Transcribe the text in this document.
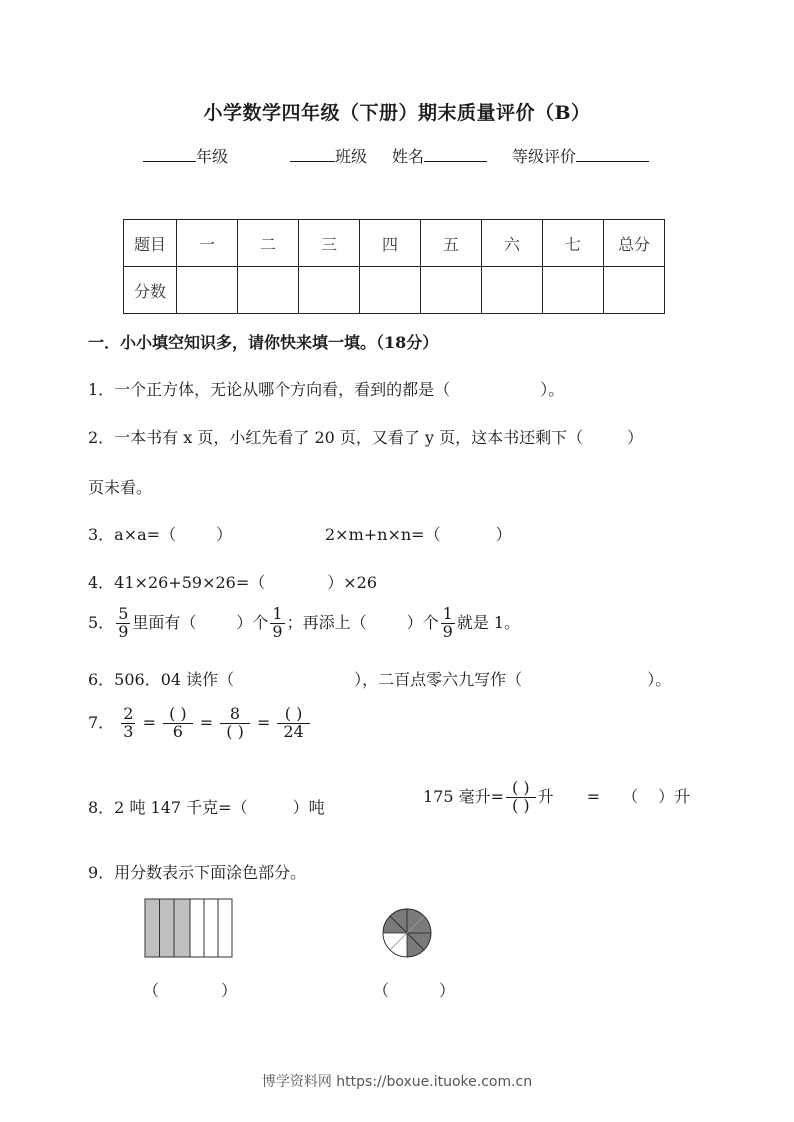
小学数学四年级（下册）期末质量评价（B）
年级	班级 姓名	等级评价
题目	一	二	三	四	五	六	七	总分
分数								
一．小小填空知识多，请你快来填一填。（18分）
1．一个正方体，无论从哪个方向看，看到的都是（	）。
2．一本书有 x 页，小红先看了 20 页，又看了 y 页，这本书还剩下（	）
页未看。
3．a×a=（	）	2×m+n×n=（	）
4．41×26+59×26=（	）×26
5． $\frac{5}{9}$ 里面有（	）个 $\frac{1}{9}$ ；再添上（	）个 $\frac{1}{9}$ 就是 1。
6．506．04 读作（	），二百点零六九写作（	）。
7． $\frac{2}{3} = \frac{( )}{6} = \frac{8}{( )} = \frac{( )}{24}$
8．2 吨 147 千克=（	）吨
175 毫升= $\frac{( )}{( )}$ 升 = （ ）升
9．用分数表示下面涂色部分。
（	）	（	）
博学资料网 https://boxue.ituoke.com.cn
